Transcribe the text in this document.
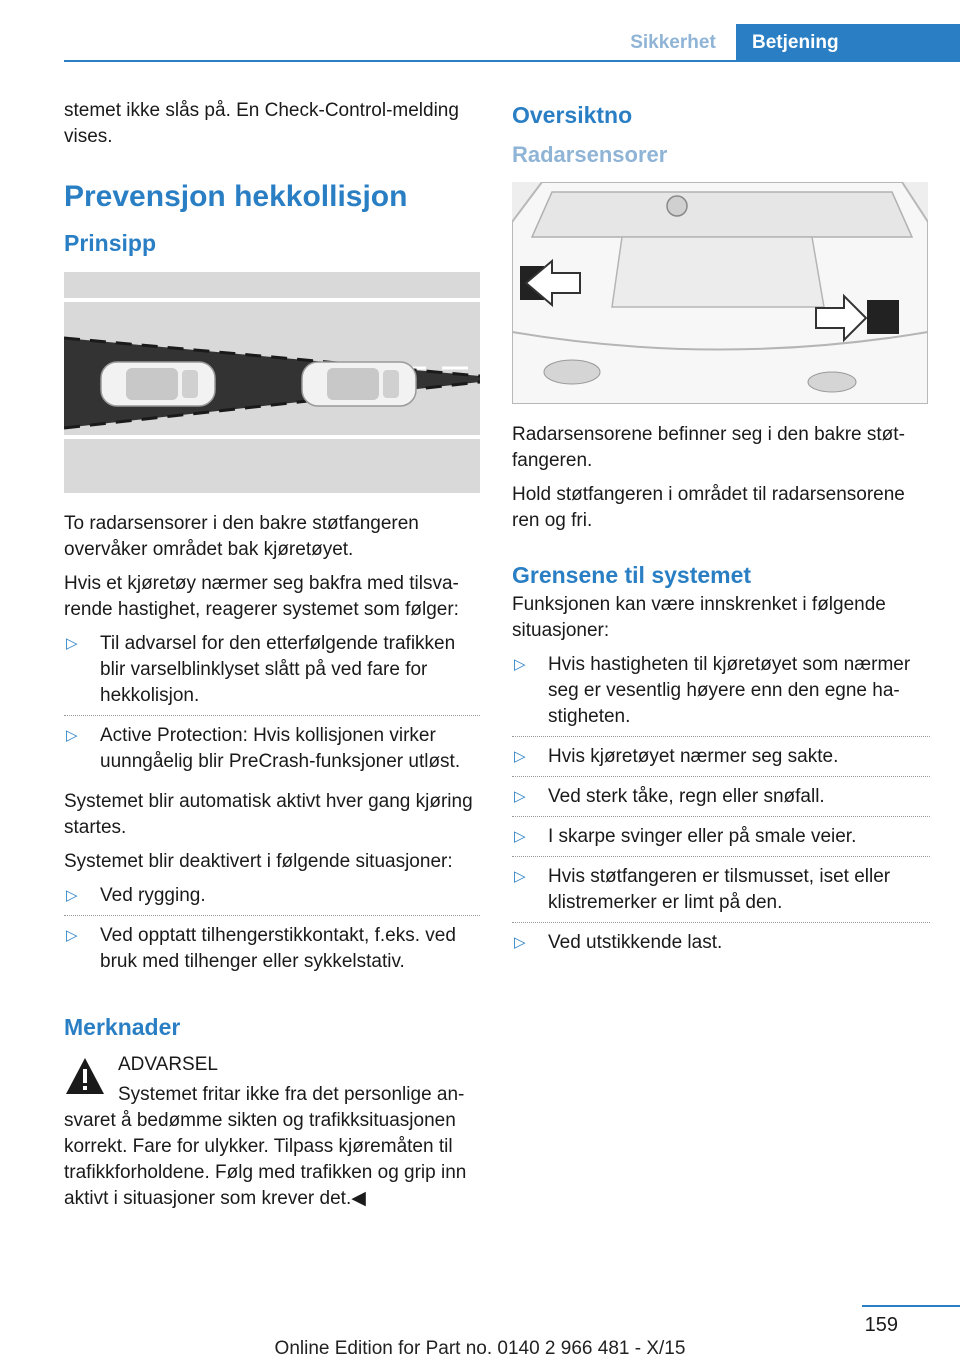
Sikkerhet	Betjening

stemet ikke slås på. En Check-Control-melding vises.

Prevensjon hekkollisjon
Prinsipp

To radarsensorer i den bakre støtfangeren overvåker området bak kjøretøyet.

Hvis et kjøretøy nærmer seg bakfra med tilsvarende hastighet, reagerer systemet som følger:

▷ Til advarsel for den etterfølgende trafikken blir varselblinklyset slått på ved fare for hekkolisjon.
▷ Active Protection: Hvis kollisjonen virker uunngåelig blir PreCrash-funksjoner utløst.

Systemet blir automatisk aktivt hver gang kjøring startes.

Systemet blir deaktivert i følgende situasjoner:

▷ Ved rygging.
▷ Ved opptatt tilhengerstikkontakt, f.eks. ved bruk med tilhenger eller sykkelstativ.
Merknader

ADVARSEL

Systemet fritar ikke fra det personlige ansvaret å bedømme sikten og trafikksituasjonen korrekt. Fare for ulykker. Tilpass kjøremåten til trafikkforholdene. Følg med trafikken og grip inn aktivt i situasjoner som krever det.◀

Oversiktno
Radarsensorer

Radarsensorene befinner seg i den bakre støtfangeren.

Hold støtfangeren i området til radarsensorene ren og fri.

Grensene til systemet

Funksjonen kan være innskrenket i følgende situasjoner:

▷ Hvis hastigheten til kjøretøyet som nærmer seg er vesentlig høyere enn den egne hastigheten.
▷ Hvis kjøretøyet nærmer seg sakte.
▷ Ved sterk tåke, regn eller snøfall.
▷ I skarpe svinger eller på smale veier.
▷ Hvis støtfangeren er tilsmusset, iset eller klistremerker er limt på den.
▷ Ved utstikkende last.
159
Online Edition for Part no. 0140 2 966 481 - X/15
